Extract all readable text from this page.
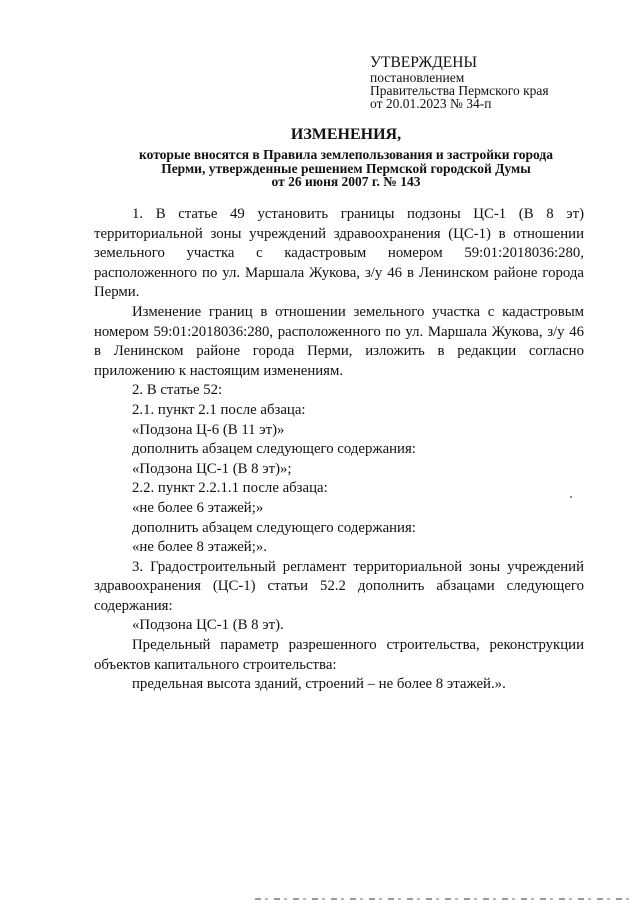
УТВЕРЖДЕНЫ
постановлением
Правительства Пермского края
от 20.01.2023 № 34-п
ИЗМЕНЕНИЯ,
которые вносятся в Правила землепользования и застройки города
Перми, утвержденные решением Пермской городской Думы
от 26 июня 2007 г. № 143

1. В статье 49 установить границы подзоны ЦС-1 (В 8 эт) территориальной зоны учреждений здравоохранения (ЦС-1) в отношении земельного участка с кадастровым номером 59:01:2018036:280, расположенного по ул. Маршала Жукова, з/у 46 в Ленинском районе города Перми.

Изменение границ в отношении земельного участка с кадастровым номером 59:01:2018036:280, расположенного по ул. Маршала Жукова, з/у 46 в Ленинском районе города Перми, изложить в редакции согласно приложению к настоящим изменениям.

2. В статье 52:

2.1. пункт 2.1 после абзаца:

«Подзона Ц-6 (В 11 эт)»

дополнить абзацем следующего содержания:

«Подзона ЦС-1 (В 8 эт)»;

2.2. пункт 2.2.1.1 после абзаца:

«не более 6 этажей;»

дополнить абзацем следующего содержания:

«не более 8 этажей;».

3. Градостроительный регламент территориальной зоны учреждений здравоохранения (ЦС-1) статьи 52.2 дополнить абзацами следующего содержания:

«Подзона ЦС-1 (В 8 эт).

Предельный параметр разрешенного строительства, реконструкции объектов капитального строительства:

предельная высота зданий, строений – не более 8 этажей.».
